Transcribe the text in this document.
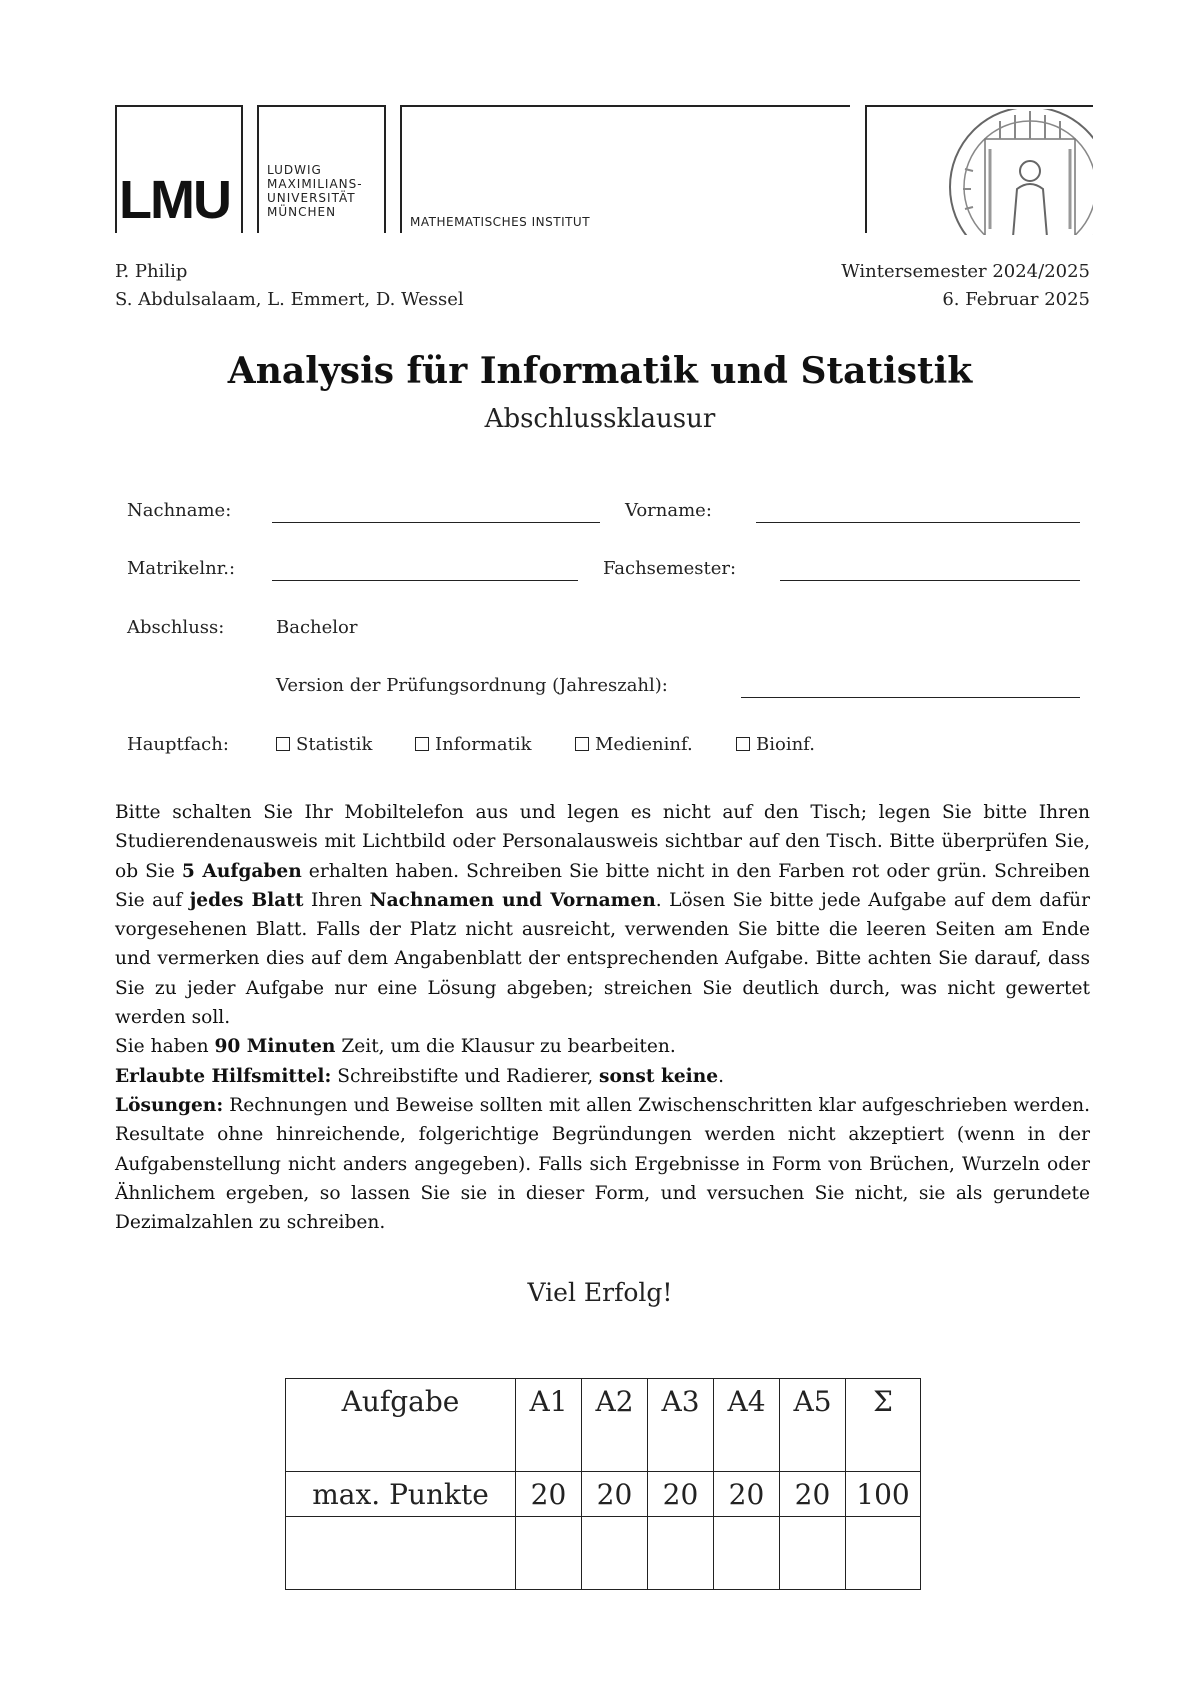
LMU	LUDWIG
MAXIMILIANS-
UNIVERSITÄT
MÜNCHEN
MATHEMATISCHES INSTITUT
P. Philip
S. Abdulsalaam, L. Emmert, D. Wessel
Wintersemester 2024/2025
6. Februar 2025
Analysis für Informatik und Statistik
Abschlussklausur
Nachname:	Vorname:
Matrikelnr.:	Fachsemester:
Abschluss:	Bachelor
Version der Prüfungsordnung (Jahreszahl):
Hauptfach:	Statistik	Informatik	Medieninf.	Bioinf.

Bitte schalten Sie Ihr Mobiltelefon aus und legen es nicht auf den Tisch; legen Sie bitte Ihren Studierendenausweis mit Lichtbild oder Personalausweis sichtbar auf den Tisch. Bitte überprüfen Sie, ob Sie 5 Aufgaben erhalten haben. Schreiben Sie bitte nicht in den Farben rot oder grün. Schreiben Sie auf jedes Blatt Ihren Nachnamen und Vornamen. Lösen Sie bitte jede Aufgabe auf dem dafür vorgesehenen Blatt. Falls der Platz nicht ausreicht, verwenden Sie bitte die leeren Seiten am Ende und vermerken dies auf dem Angabenblatt der entsprechenden Aufgabe. Bitte achten Sie darauf, dass Sie zu jeder Aufgabe nur eine Lösung abgeben; streichen Sie deutlich durch, was nicht gewertet werden soll.

Sie haben 90 Minuten Zeit, um die Klausur zu bearbeiten.

Erlaubte Hilfsmittel: Schreibstifte und Radierer, sonst keine.

Lösungen: Rechnungen und Beweise sollten mit allen Zwischenschritten klar aufgeschrieben werden. Resultate ohne hinreichende, folgerichtige Begründungen werden nicht akzeptiert (wenn in der Aufgabenstellung nicht anders angegeben). Falls sich Ergebnisse in Form von Brüchen, Wurzeln oder Ähnlichem ergeben, so lassen Sie sie in dieser Form, und versuchen Sie nicht, sie als gerundete Dezimalzahlen zu schreiben.

Viel Erfolg!
Aufgabe	A1	A2	A3	A4	A5	Σ
max. Punkte	20	20	20	20	20	100
